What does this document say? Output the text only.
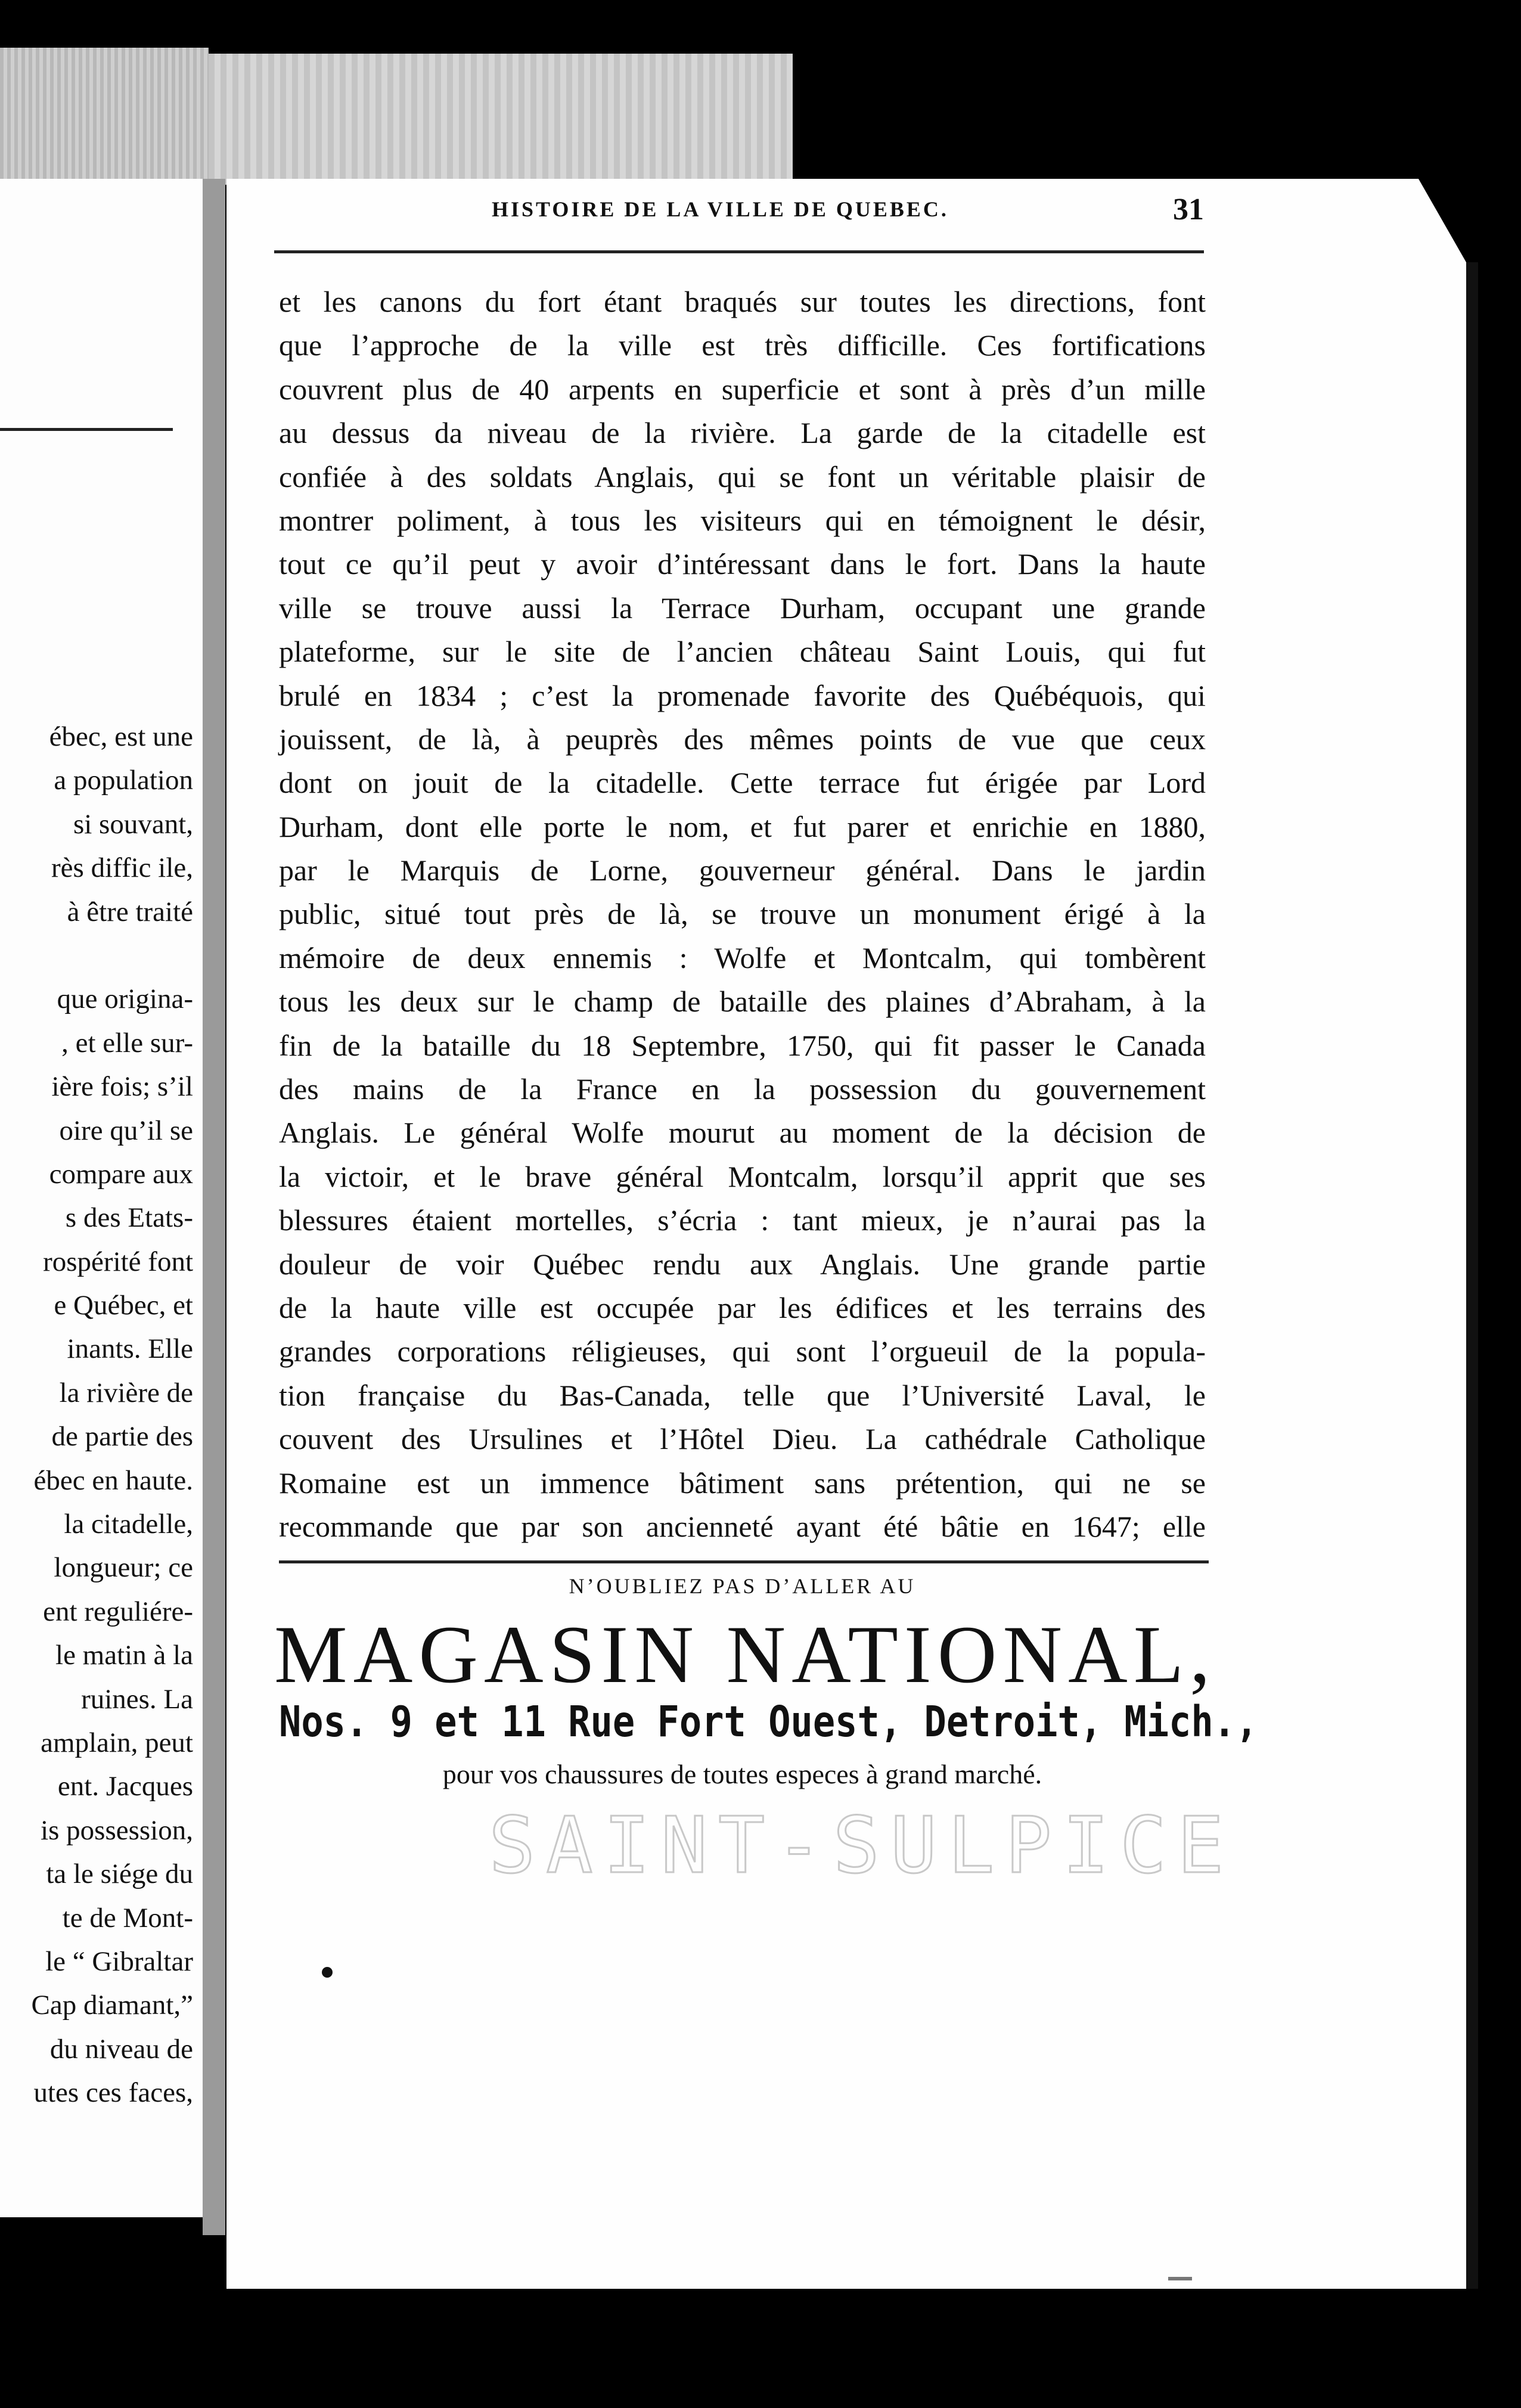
ébec, est une
a population
si souvant,
rès diffic ile,
à être traité
que origina-
, et elle sur-
ière fois; s’il
oire qu’il se
compare aux
s des Etats-
rospérité font
e Québec, et
inants. Elle
la rivière de
de partie des
ébec en haute.
la citadelle,
longueur; ce
ent reguliére-
le matin à la
ruines. La
amplain, peut
ent. Jacques
is possession,
ta le siége du
te de Mont-
le “ Gibraltar
Cap diamant,”
du niveau de
utes ces faces,
HISTOIRE DE LA VILLE DE QUEBEC.	31
et les canons du fort étant braqués sur toutes les directions, font
que l’approche de la ville est très difficille. Ces fortifications
couvrent plus de 40 arpents en superficie et sont à près d’un mille
au dessus da niveau de la rivière. La garde de la citadelle est
confiée à des soldats Anglais, qui se font un véritable plaisir de
montrer poliment, à tous les visiteurs qui en témoignent le désir,
tout ce qu’il peut y avoir d’intéressant dans le fort. Dans la haute
ville se trouve aussi la Terrace Durham, occupant une grande
plateforme, sur le site de l’ancien château Saint Louis, qui fut
brulé en 1834 ; c’est la promenade favorite des Québéquois, qui
jouissent, de là, à peuprès des mêmes points de vue que ceux
dont on jouit de la citadelle. Cette terrace fut érigée par Lord
Durham, dont elle porte le nom, et fut parer et enrichie en 1880,
par le Marquis de Lorne, gouverneur général. Dans le jardin
public, situé tout près de là, se trouve un monument érigé à la
mémoire de deux ennemis : Wolfe et Montcalm, qui tombèrent
tous les deux sur le champ de bataille des plaines d’Abraham, à la
fin de la bataille du 18 Septembre, 1750, qui fit passer le Canada
des mains de la France en la possession du gouvernement
Anglais. Le général Wolfe mourut au moment de la décision de
la victoir, et le brave général Montcalm, lorsqu’il apprit que ses
blessures étaient mortelles, s’écria : tant mieux, je n’aurai pas la
douleur de voir Québec rendu aux Anglais. Une grande partie
de la haute ville est occupée par les édifices et les terrains des
grandes corporations réligieuses, qui sont l’orgueuil de la popula-
tion française du Bas-Canada, telle que l’Université Laval, le
couvent des Ursulines et l’Hôtel Dieu. La cathédrale Catholique
Romaine est un immence bâtiment sans prétention, qui ne se
recommande que par son ancienneté ayant été bâtie en 1647; elle
N’OUBLIEZ PAS D’ALLER AU
MAGASIN NATIONAL,
Nos. 9 et 11 Rue Fort Ouest, Detroit, Mich.,
pour vos chaussures de toutes especes à grand marché.
SAINT-SULPICE
